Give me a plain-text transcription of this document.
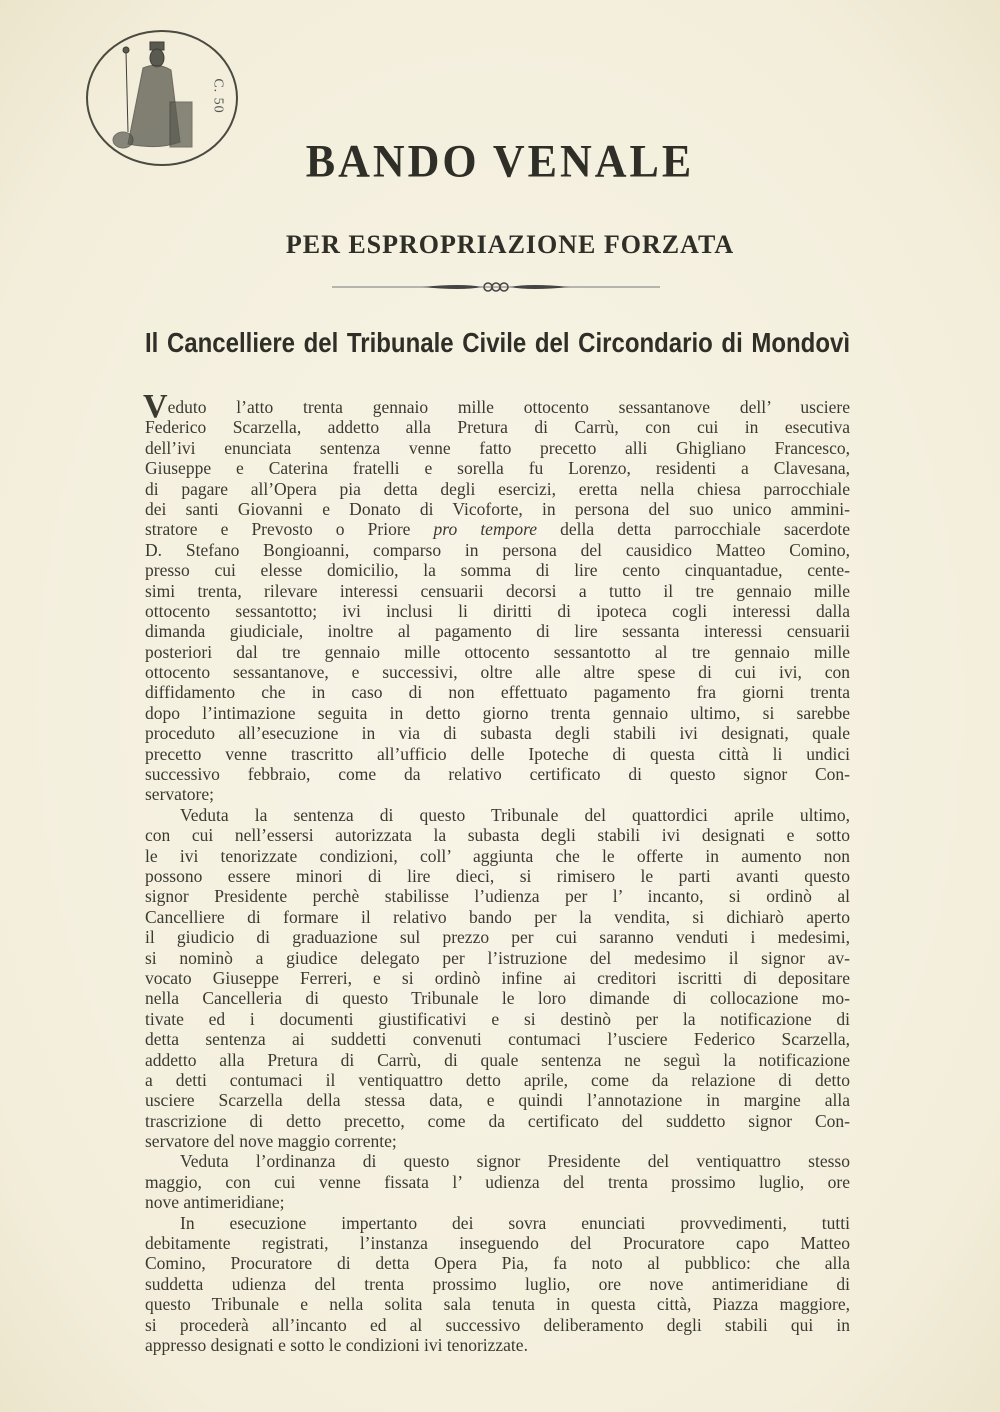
C. 50
BANDO VENALE
PER ESPROPRIAZIONE FORZATA
Il Cancelliere del Tribunale Civile del Circondario di Mondovì
Veduto l’atto trenta gennaio mille ottocento sessantanove dell’ usciere
Federico Scarzella, addetto alla Pretura di Carrù, con cui in esecutiva
dell’ivi enunciata sentenza venne fatto precetto alli Ghigliano Francesco,
Giuseppe e Caterina fratelli e sorella fu Lorenzo, residenti a Clavesana,
di pagare all’Opera pia detta degli esercizi, eretta nella chiesa parrocchiale
dei santi Giovanni e Donato di Vicoforte, in persona del suo unico ammini-
stratore e Prevosto o Priore pro tempore della detta parrocchiale sacerdote
D. Stefano Bongioanni, comparso in persona del causidico Matteo Comino,
presso cui elesse domicilio, la somma di lire cento cinquantadue, cente-
simi trenta, rilevare interessi censuarii decorsi a tutto il tre gennaio mille
ottocento sessantotto; ivi inclusi li diritti di ipoteca cogli interessi dalla
dimanda giudiciale, inoltre al pagamento di lire sessanta interessi censuarii
posteriori dal tre gennaio mille ottocento sessantotto al tre gennaio mille
ottocento sessantanove, e successivi, oltre alle altre spese di cui ivi, con
diffidamento che in caso di non effettuato pagamento fra giorni trenta
dopo l’intimazione seguita in detto giorno trenta gennaio ultimo, si sarebbe
proceduto all’esecuzione in via di subasta degli stabili ivi designati, quale
precetto venne trascritto all’ufficio delle Ipoteche di questa città li undici
successivo febbraio, come da relativo certificato di questo signor Con-
servatore;
Veduta la sentenza di questo Tribunale del quattordici aprile ultimo,
con cui nell’essersi autorizzata la subasta degli stabili ivi designati e sotto
le ivi tenorizzate condizioni, coll’ aggiunta che le offerte in aumento non
possono essere minori di lire dieci, si rimisero le parti avanti questo
signor Presidente perchè stabilisse l’udienza per l’ incanto, si ordinò al
Cancelliere di formare il relativo bando per la vendita, si dichiarò aperto
il giudicio di graduazione sul prezzo per cui saranno venduti i medesimi,
si nominò a giudice delegato per l’istruzione del medesimo il signor av-
vocato Giuseppe Ferreri, e si ordinò infine ai creditori iscritti di depositare
nella Cancelleria di questo Tribunale le loro dimande di collocazione mo-
tivate ed i documenti giustificativi e si destinò per la notificazione di
detta sentenza ai suddetti convenuti contumaci l’usciere Federico Scarzella,
addetto alla Pretura di Carrù, di quale sentenza ne seguì la notificazione
a detti contumaci il ventiquattro detto aprile, come da relazione di detto
usciere Scarzella della stessa data, e quindi l’annotazione in margine alla
trascrizione di detto precetto, come da certificato del suddetto signor Con-
servatore del nove maggio corrente;
Veduta l’ordinanza di questo signor Presidente del ventiquattro stesso
maggio, con cui venne fissata l’ udienza del trenta prossimo luglio, ore
nove antimeridiane;
In esecuzione impertanto dei sovra enunciati provvedimenti, tutti
debitamente registrati, l’instanza inseguendo del Procuratore capo Matteo
Comino, Procuratore di detta Opera Pia, fa noto al pubblico: che alla
suddetta udienza del trenta prossimo luglio, ore nove antimeridiane di
questo Tribunale e nella solita sala tenuta in questa città, Piazza maggiore,
si procederà all’incanto ed al successivo deliberamento degli stabili qui in
appresso designati e sotto le condizioni ivi tenorizzate.
